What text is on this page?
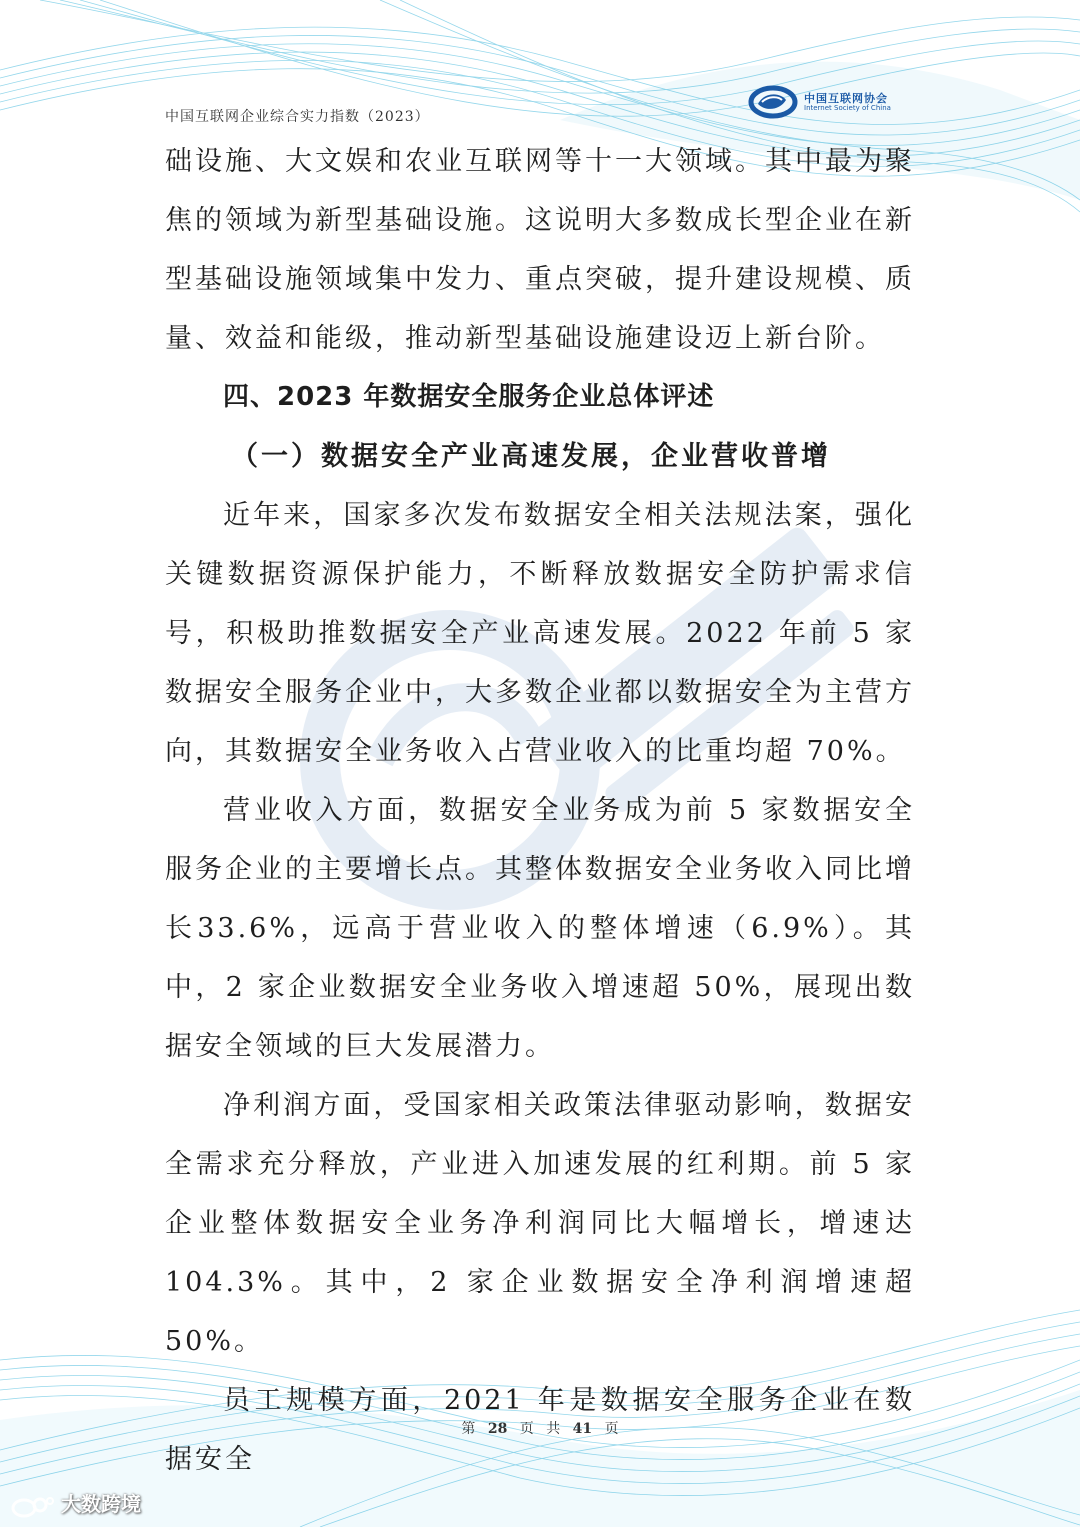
中国互联网企业综合实力指数（2023）
中国互联网协会
Internet Society of China

础设施、大文娱和农业互联网等十一大领域。其中最为聚焦的领域为新型基础设施。这说明大多数成长型企业在新型基础设施领域集中发力、重点突破，提升建设规模、质量、效益和能级，推动新型基础设施建设迈上新台阶。

四、2023 年数据安全服务企业总体评述
（一）数据安全产业高速发展，企业营收普增

近年来，国家多次发布数据安全相关法规法案，强化关键数据资源保护能力，不断释放数据安全防护需求信号，积极助推数据安全产业高速发展。2022 年前 5 家数据安全服务企业中，大多数企业都以数据安全为主营方向，其数据安全业务收入占营业收入的比重均超 70%。

营业收入方面，数据安全业务成为前 5 家数据安全服务企业的主要增长点。其整体数据安全业务收入同比增长33.6%，远高于营业收入的整体增速（6.9%）。其中，2 家企业数据安全业务收入增速超 50%，展现出数据安全领域的巨大发展潜力。

净利润方面，受国家相关政策法律驱动影响，数据安全需求充分释放，产业进入加速发展的红利期。前 5 家企业整体数据安全业务净利润同比大幅增长，增速达 104.3%。其中，2 家企业数据安全净利润增速超 50%。

员工规模方面，2021 年是数据安全服务企业在数据安全

第 28 页 共 41 页
大数跨境
